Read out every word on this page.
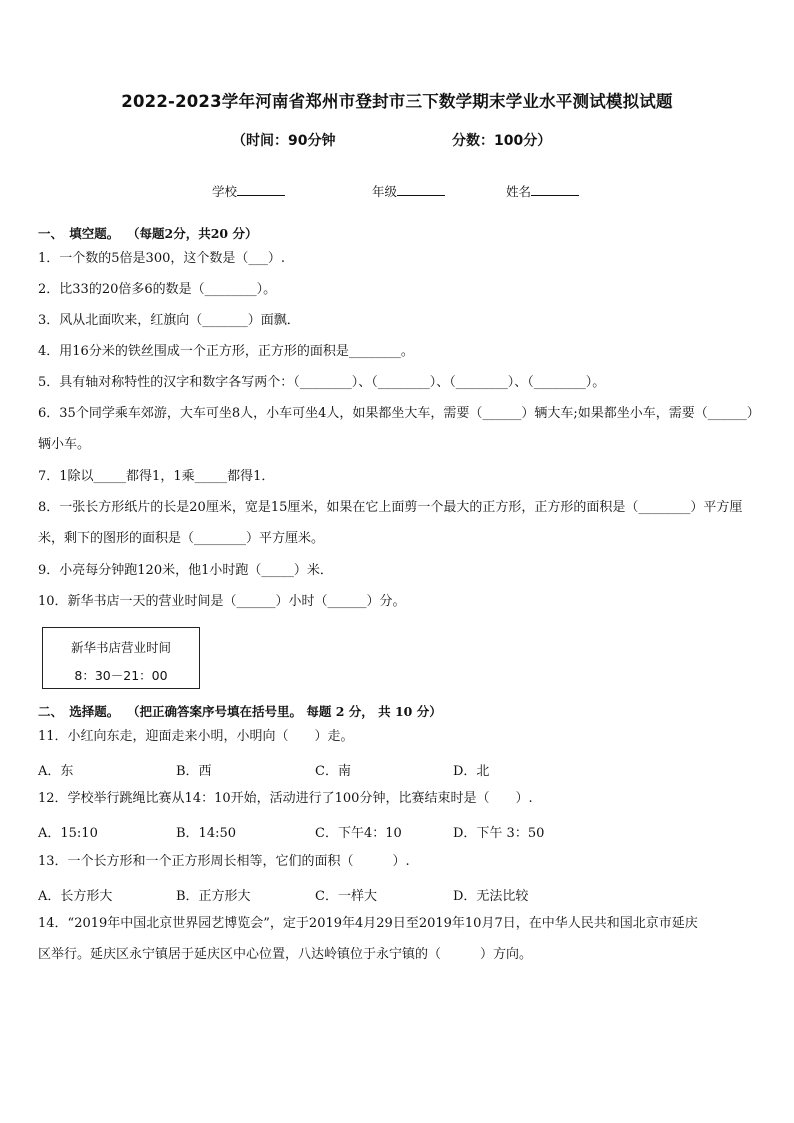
2022-2023学年河南省郑州市登封市三下数学期末学业水平测试模拟试题
（时间：90分钟	分数：100分）
学校	年级	姓名
一、　填空题。 （每题2分，共20 分）
1．一个数的5倍是300，这个数是（___）.
2．比33的20倍多6的数是（________）。
3．风从北面吹来，红旗向（_______）面飘．
4．用16分米的铁丝围成一个正方形，正方形的面积是________。
5．具有轴对称特性的汉字和数字各写两个：（________）、（________）、（________）、（________）。
6．35个同学乘车郊游，大车可坐8人，小车可坐4人，如果都坐大车，需要（______）辆大车;如果都坐小车，需要（______）辆小车。
7．1除以_____都得1，1乘_____都得1．
8．一张长方形纸片的长是20厘米，宽是15厘米，如果在它上面剪一个最大的正方形，正方形的面积是（________）平方厘米，剩下的图形的面积是（________）平方厘米。
9．小亮每分钟跑120米，他1小时跑（_____）米．
10．新华书店一天的营业时间是（______）小时（______）分。
新华书店营业时间
8：30－21：00
二、　选择题。 （把正确答案序号填在括号里。 每题 2 分， 共 10 分）
11．小红向东走，迎面走来小明，小明向（　　）走。
A．东	B．西	C．南	D．北
12．学校举行跳绳比赛从14：10开始，活动进行了100分钟，比赛结束时是（　　）.
A．15:10	B．14:50	C．下午4：10	D．下午 3：50
13．一个长方形和一个正方形周长相等，它们的面积（　　　）.
A．长方形大	B．正方形大	C．一样大	D．无法比较
14．“2019年中国北京世界园艺博览会”，定于2019年4月29日至2019年10月7日，在中华人民共和国北京市延庆
区举行。延庆区永宁镇居于延庆区中心位置，八达岭镇位于永宁镇的（　　　）方向。
